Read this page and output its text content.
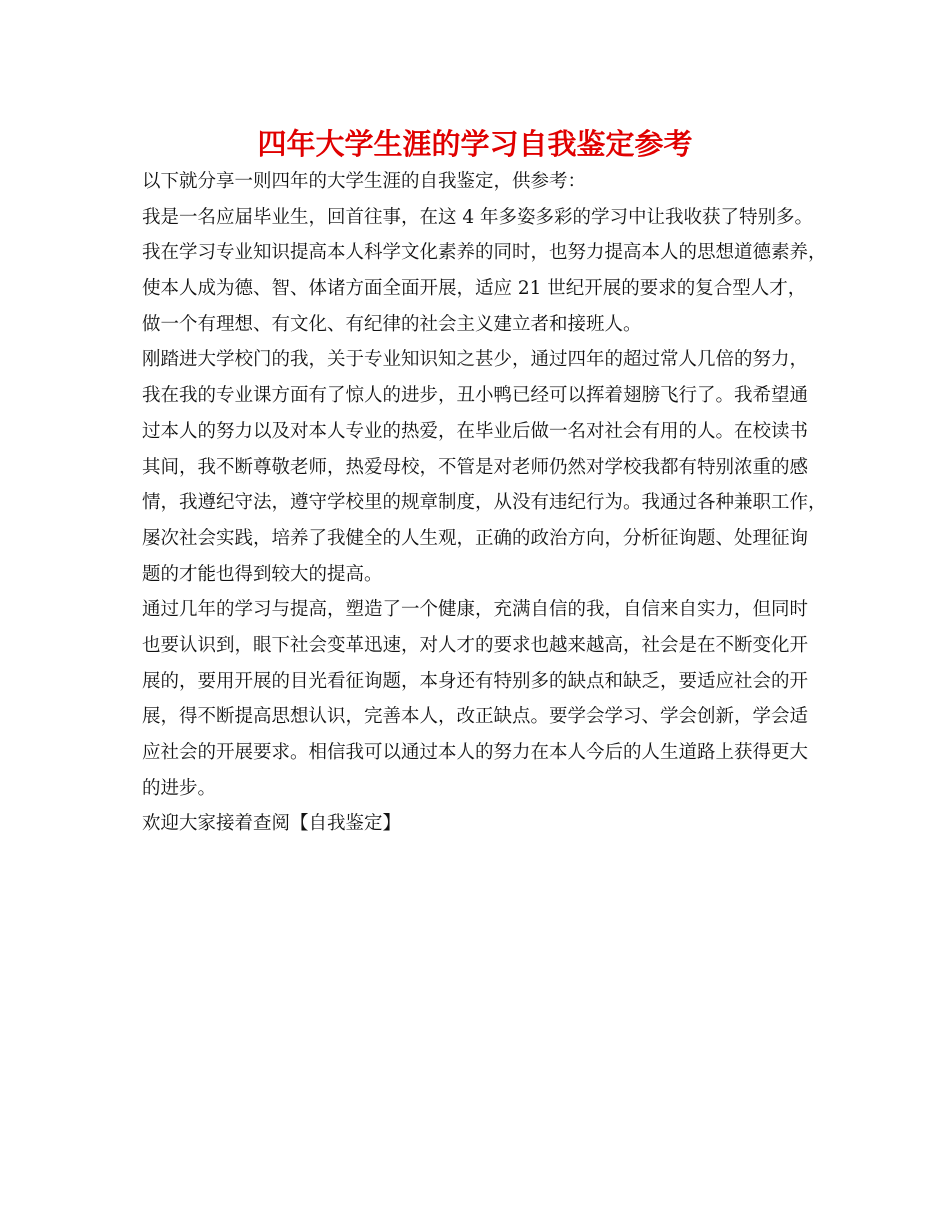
四年大学生涯的学习自我鉴定参考
以下就分享一则四年的大学生涯的自我鉴定，供参考：
我是一名应届毕业生，回首往事，在这 4 年多姿多彩的学习中让我收获了特别多。
我在学习专业知识提高本人科学文化素养的同时，也努力提高本人的思想道德素养，
使本人成为德、智、体诸方面全面开展，适应 21 世纪开展的要求的复合型人才，
做一个有理想、有文化、有纪律的社会主义建立者和接班人。
刚踏进大学校门的我，关于专业知识知之甚少，通过四年的超过常人几倍的努力，
我在我的专业课方面有了惊人的进步，丑小鸭已经可以挥着翅膀飞行了。我希望通
过本人的努力以及对本人专业的热爱，在毕业后做一名对社会有用的人。在校读书
其间，我不断尊敬老师，热爱母校，不管是对老师仍然对学校我都有特别浓重的感
情，我遵纪守法，遵守学校里的规章制度，从没有违纪行为。我通过各种兼职工作，
屡次社会实践，培养了我健全的人生观，正确的政治方向，分析征询题、处理征询
题的才能也得到较大的提高。
通过几年的学习与提高，塑造了一个健康，充满自信的我，自信来自实力，但同时
也要认识到，眼下社会变革迅速，对人才的要求也越来越高，社会是在不断变化开
展的，要用开展的目光看征询题，本身还有特别多的缺点和缺乏，要适应社会的开
展，得不断提高思想认识，完善本人，改正缺点。要学会学习、学会创新，学会适
应社会的开展要求。相信我可以通过本人的努力在本人今后的人生道路上获得更大
的进步。
欢迎大家接着查阅【自我鉴定】
